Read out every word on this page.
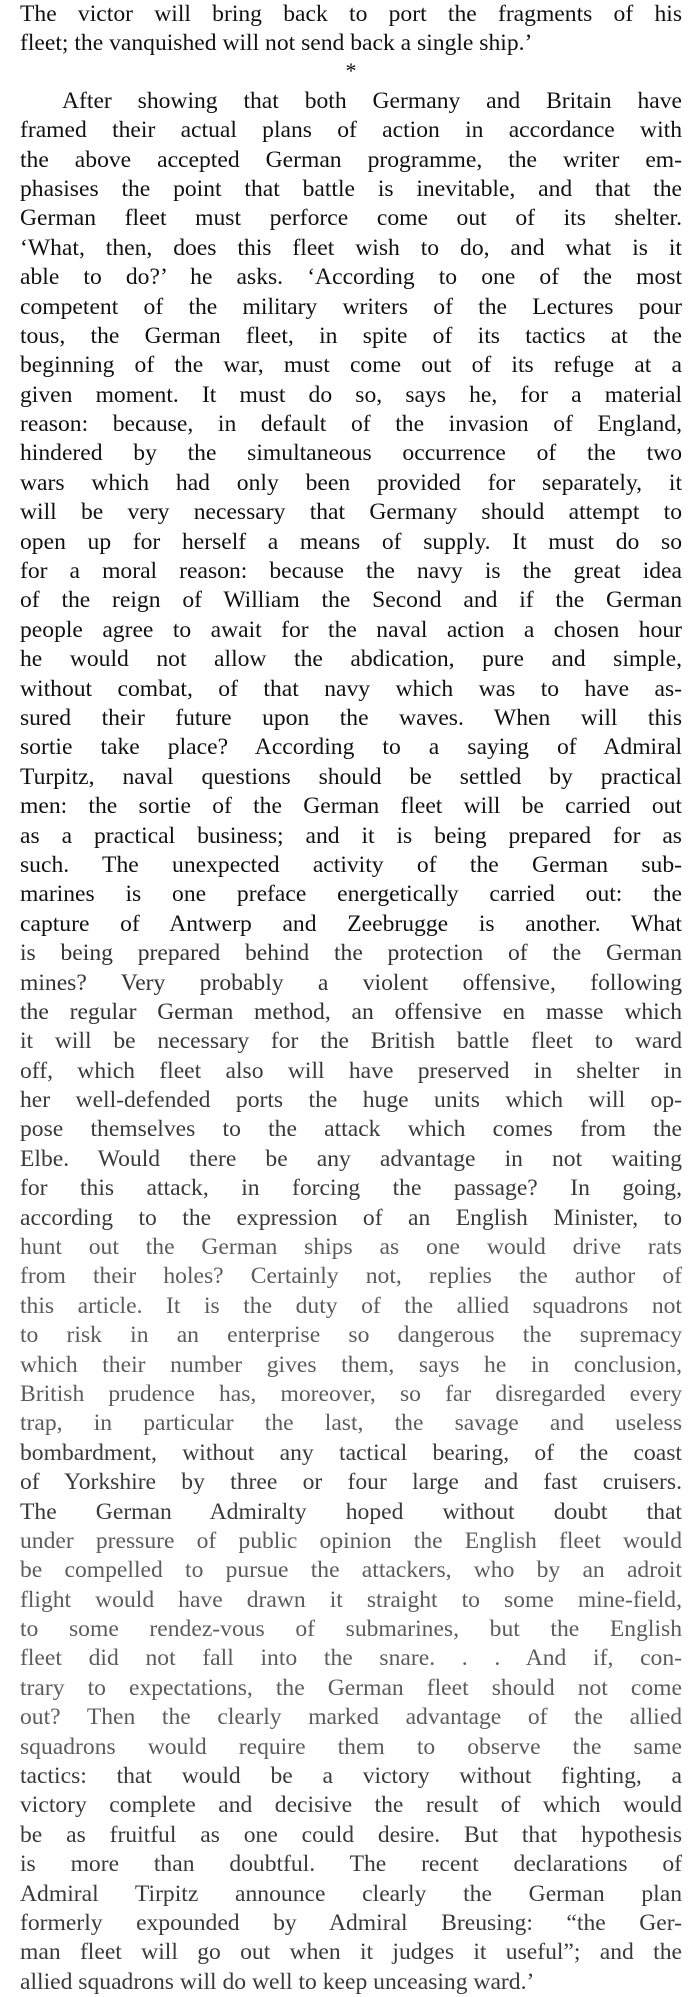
The victor will bring back to port the fragments of his
fleet; the vanquished will not send back a single ship.’
*
After showing that both Germany and Britain have
framed their actual plans of action in accordance with
the above accepted German programme, the writer em-
phasises the point that battle is inevitable, and that the
German fleet must perforce come out of its shelter.
‘What, then, does this fleet wish to do, and what is it
able to do?’ he asks. ‘According to one of the most
competent of the military writers of the Lectures pour
tous, the German fleet, in spite of its tactics at the
beginning of the war, must come out of its refuge at a
given moment. It must do so, says he, for a material
reason: because, in default of the invasion of England,
hindered by the simultaneous occurrence of the two
wars which had only been provided for separately, it
will be very necessary that Germany should attempt to
open up for herself a means of supply. It must do so
for a moral reason: because the navy is the great idea
of the reign of William the Second and if the German
people agree to await for the naval action a chosen hour
he would not allow the abdication, pure and simple,
without combat, of that navy which was to have as-
sured their future upon the waves. When will this
sortie take place? According to a saying of Admiral
Turpitz, naval questions should be settled by practical
men: the sortie of the German fleet will be carried out
as a practical business; and it is being prepared for as
such. The unexpected activity of the German sub-
marines is one preface energetically carried out: the
capture of Antwerp and Zeebrugge is another. What
is being prepared behind the protection of the German
mines? Very probably a violent offensive, following
the regular German method, an offensive en masse which
it will be necessary for the British battle fleet to ward
off, which fleet also will have preserved in shelter in
her well-defended ports the huge units which will op-
pose themselves to the attack which comes from the
Elbe. Would there be any advantage in not waiting
for this attack, in forcing the passage? In going,
according to the expression of an English Minister, to
hunt out the German ships as one would drive rats
from their holes? Certainly not, replies the author of
this article. It is the duty of the allied squadrons not
to risk in an enterprise so dangerous the supremacy
which their number gives them, says he in conclusion,
British prudence has, moreover, so far disregarded every
trap, in particular the last, the savage and useless
bombardment, without any tactical bearing, of the coast
of Yorkshire by three or four large and fast cruisers.
The German Admiralty hoped without doubt that
under pressure of public opinion the English fleet would
be compelled to pursue the attackers, who by an adroit
flight would have drawn it straight to some mine-field,
to some rendez-vous of submarines, but the English
fleet did not fall into the snare. . . And if, con-
trary to expectations, the German fleet should not come
out? Then the clearly marked advantage of the allied
squadrons would require them to observe the same
tactics: that would be a victory without fighting, a
victory complete and decisive the result of which would
be as fruitful as one could desire. But that hypothesis
is more than doubtful. The recent declarations of
Admiral Tirpitz announce clearly the German plan
formerly expounded by Admiral Breusing: “the Ger-
man fleet will go out when it judges it useful”; and the
allied squadrons will do well to keep unceasing ward.’
